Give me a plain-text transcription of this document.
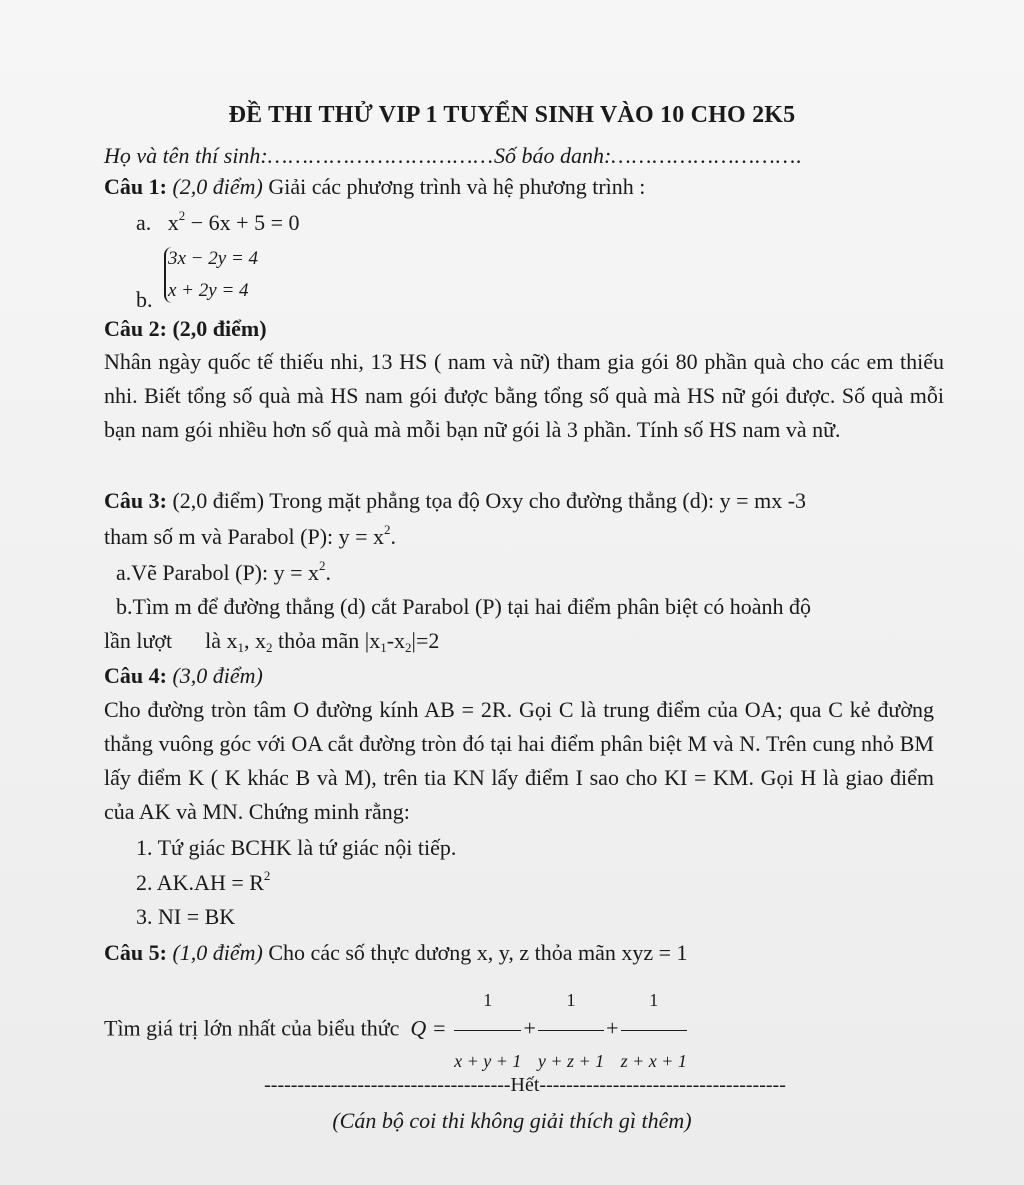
ĐỀ THI THỬ VIP 1 TUYỂN SINH VÀO 10 CHO 2K5
Họ và tên thí sinh:……………………………Số báo danh:……………………….
Câu 1: (2,0 điểm) Giải các phương trình và hệ phương trình :
a. $x^2 - 6x + 5 = 0$
3x − 2y = 4
x + 2y = 4
b.
Câu 2: (2,0 điểm)
Nhân ngày quốc tế thiếu nhi, 13 HS ( nam và nữ) tham gia gói 80 phần quà cho các em thiếu nhi. Biết tổng số quà mà HS nam gói được bằng tổng số quà mà HS nữ gói được. Số quà mỗi bạn nam gói nhiều hơn số quà mà mỗi bạn nữ gói là 3 phần. Tính số HS nam và nữ.
Câu 3: (2,0 điểm) Trong mặt phẳng tọa độ Oxy cho đường thẳng (d): y = mx -3
tham số m và Parabol (P): $y = x^2$.
a.Vẽ Parabol (P): $y = x^2$.
b.Tìm m để đường thẳng (d) cắt Parabol (P) tại hai điểm phân biệt có hoành độ
lần lượt      là $x_1$, $x_2$ thỏa mãn $|x_1-x_2|=2$
Câu 4: (3,0 điểm)
Cho đường tròn tâm O đường kính AB = 2R. Gọi C là trung điểm của OA; qua C kẻ đường thẳng vuông góc với OA cắt đường tròn đó tại hai điểm phân biệt M và N. Trên cung nhỏ BM lấy điểm K ( K khác B và M), trên tia KN lấy điểm I sao cho KI = KM. Gọi H là giao điểm của AK và MN. Chứng minh rằng:
1. Tứ giác BCHK là tứ giác nội tiếp.
2. $AK.AH = R^2$
3. NI = BK
Câu 5: (1,0 điểm) Cho các số thực dương x, y, z thỏa mãn xyz = 1
Tìm giá trị lớn nhất của biểu thức $Q = \frac{1}{x + y + 1} + \frac{1}{y + z + 1} + \frac{1}{z + x + 1}$
-------------------------------------Hết-------------------------------------
(Cán bộ coi thi không giải thích gì thêm)
